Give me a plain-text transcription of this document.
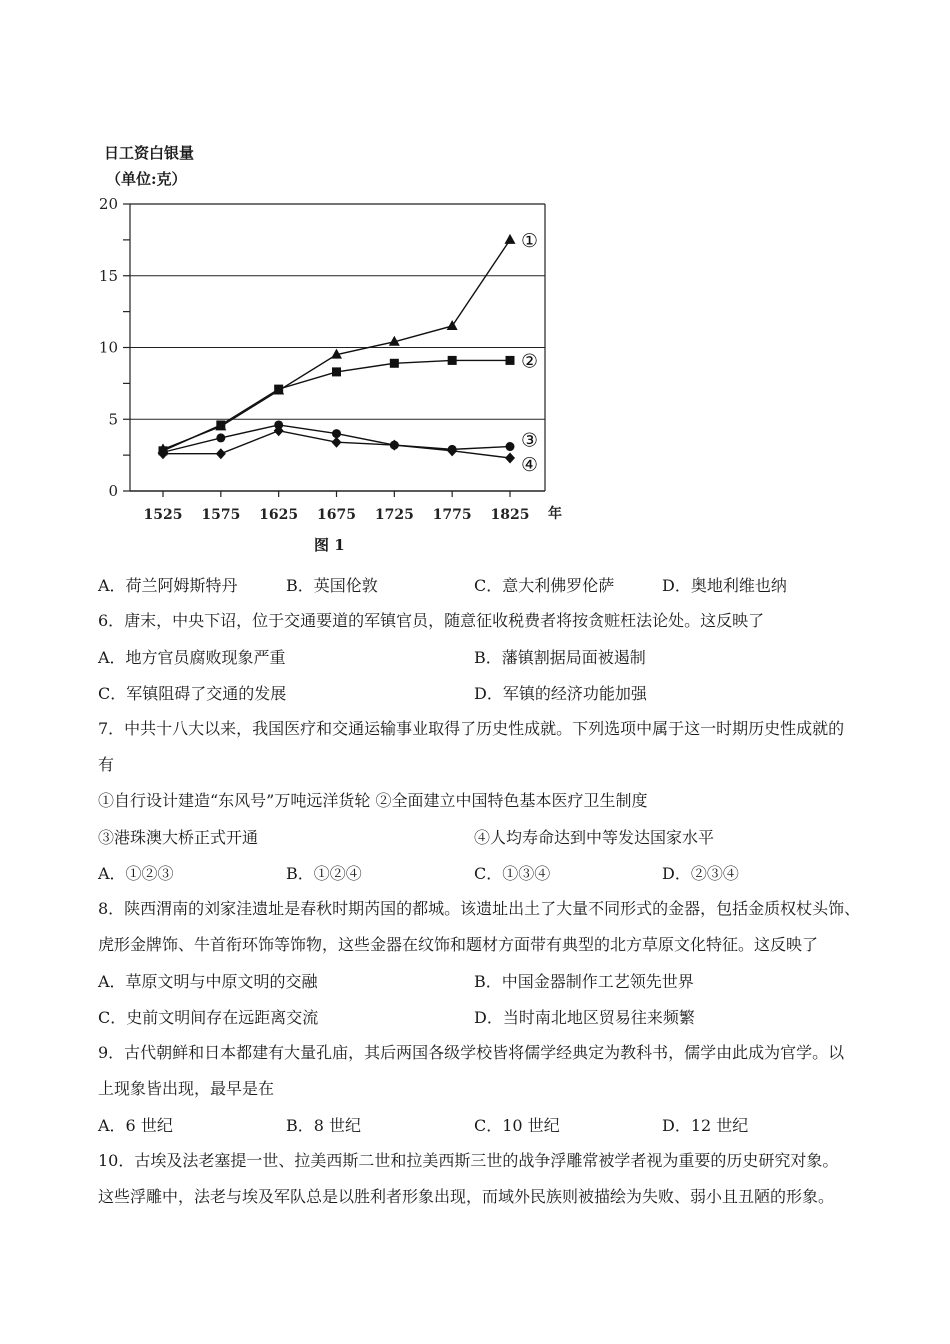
0
5
10
15
20
1525 1575 1625 1675 1725 1775 1825 年
①
②
③
④
日工资白银量
（单位:克）
图 1
A．荷兰阿姆斯特丹	B．英国伦敦	C．意大利佛罗伦萨	D．奥地利维也纳

6．唐末，中央下诏，位于交通要道的军镇官员，随意征收税费者将按贪赃枉法论处。这反映了

A．地方官员腐败现象严重	B．藩镇割据局面被遏制
C．军镇阻碍了交通的发展	D．军镇的经济功能加强

7．中共十八大以来，我国医疗和交通运输事业取得了历史性成就。下列选项中属于这一时期历史性成就的

有

①自行设计建造“东风号”万吨远洋货轮 ②全面建立中国特色基本医疗卫生制度

③港珠澳大桥正式开通	④人均寿命达到中等发达国家水平
A．①②③	B．①②④	C．①③④	D．②③④

8．陕西渭南的刘家洼遗址是春秋时期芮国的都城。该遗址出土了大量不同形式的金器，包括金质权杖头饰、

虎形金牌饰、牛首衔环饰等饰物，这些金器在纹饰和题材方面带有典型的北方草原文化特征。这反映了

A．草原文明与中原文明的交融	B．中国金器制作工艺领先世界
C．史前文明间存在远距离交流	D．当时南北地区贸易往来频繁

9．古代朝鲜和日本都建有大量孔庙，其后两国各级学校皆将儒学经典定为教科书，儒学由此成为官学。以

上现象皆出现，最早是在

A．6 世纪	B．8 世纪	C．10 世纪	D．12 世纪

10．古埃及法老塞提一世、拉美西斯二世和拉美西斯三世的战争浮雕常被学者视为重要的历史研究对象。

这些浮雕中，法老与埃及军队总是以胜利者形象出现，而域外民族则被描绘为失败、弱小且丑陋的形象。
